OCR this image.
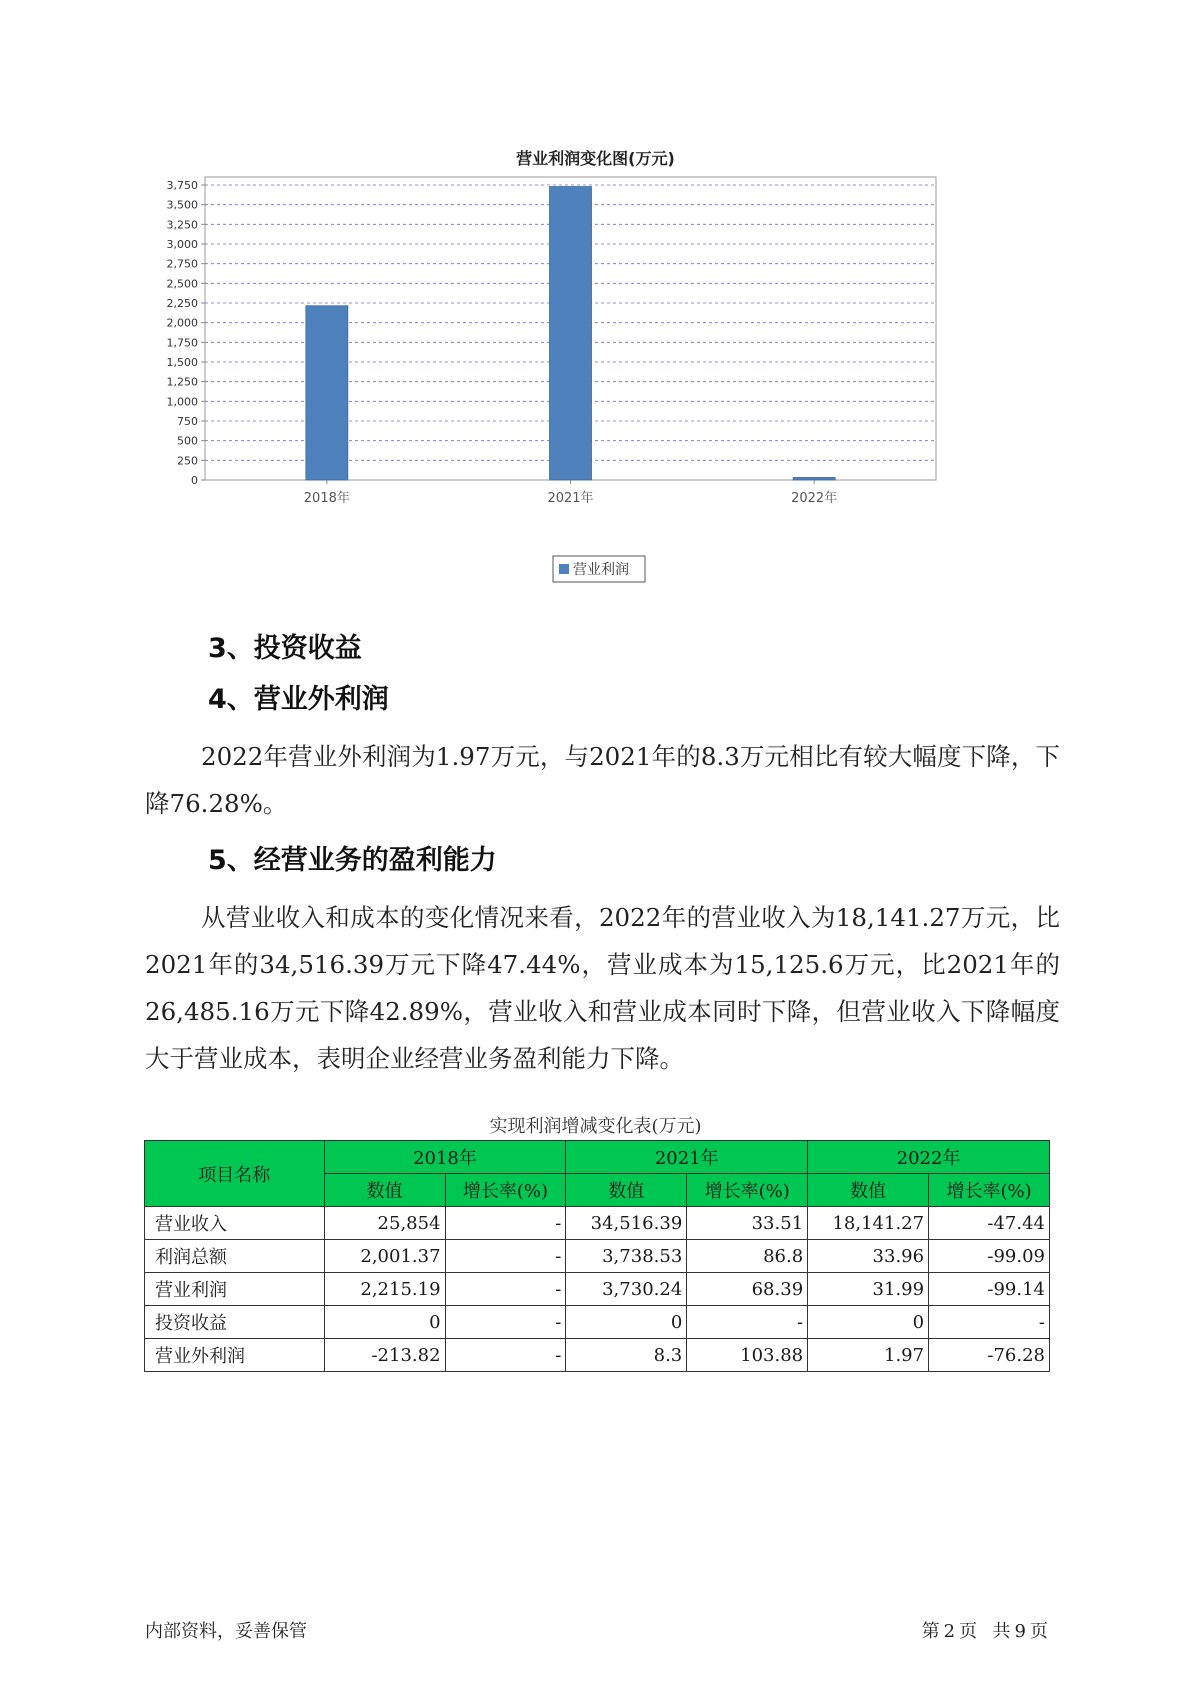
营业利润变化图(万元)
0
250
500
750
1,000
1,250
1,500
1,750
2,000
2,250
2,500
2,750
3,000
3,250
3,500
3,750
2018年	2021年	2022年
营业利润
3、投资收益
4、营业外利润
2022年营业外利润为1.97万元，与2021年的8.3万元相比有较大幅度下降，下降76.28%。
5、经营业务的盈利能力
从营业收入和成本的变化情况来看，2022年的营业收入为18,141.27万元，比2021年的34,516.39万元下降47.44%，营业成本为15,125.6万元，比2021年的26,485.16万元下降42.89%，营业收入和营业成本同时下降，但营业收入下降幅度大于营业成本，表明企业经营业务盈利能力下降。
实现利润增减变化表(万元)
项目名称	2018年		2021年		2022年	
	数值	增长率(%)	数值	增长率(%)	数值	增长率(%)
营业收入	25,854	-	34,516.39	33.51	18,141.27	-47.44
利润总额	2,001.37	-	3,738.53	86.8	33.96	-99.09
营业利润	2,215.19	-	3,730.24	68.39	31.99	-99.14
投资收益	0	-	0	-	0	-
营业外利润	-213.82	-	8.3	103.88	1.97	-76.28
内部资料，妥善保管	第 2 页 共 9 页
